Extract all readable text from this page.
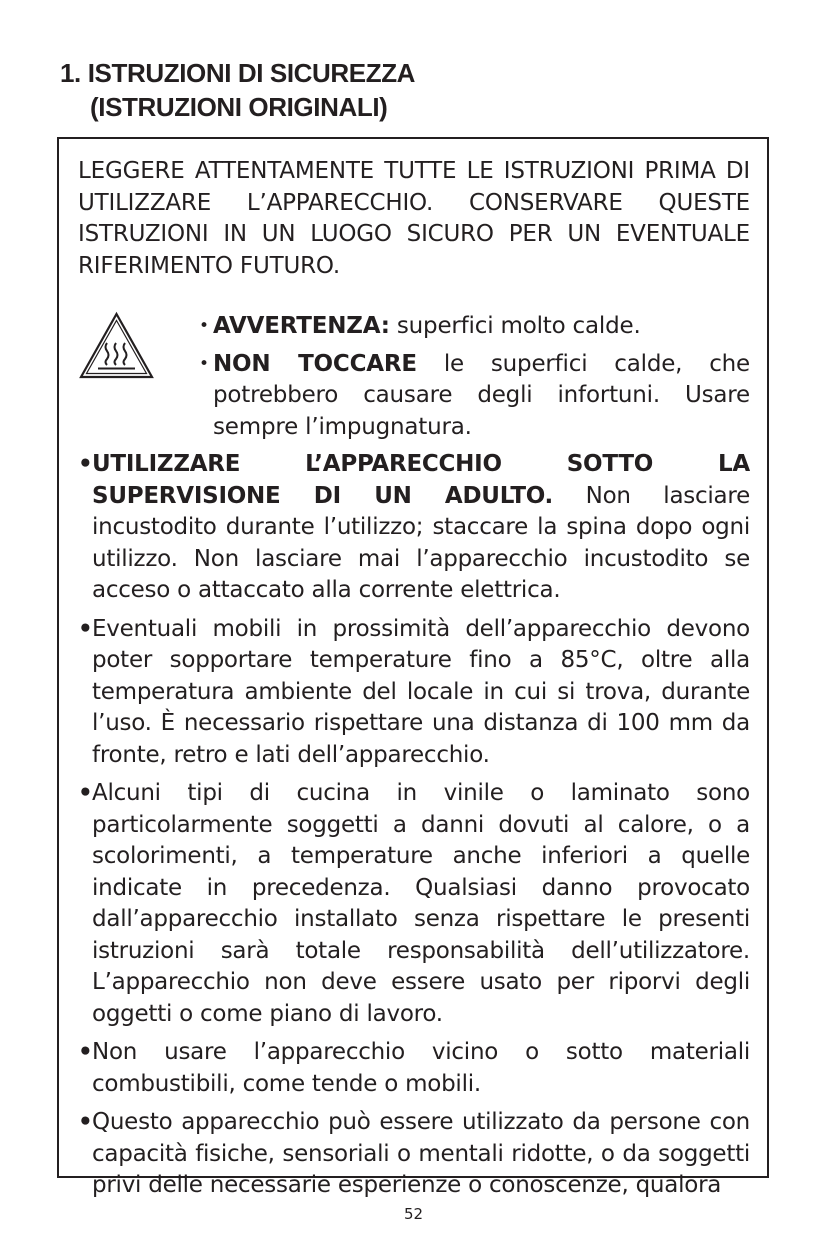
1. ISTRUZIONI DI SICUREZZA
(ISTRUZIONI ORIGINALI)

LEGGERE ATTENTAMENTE TUTTE LE ISTRUZIONI PRIMA DI UTILIZZARE L’APPARECCHIO. CONSERVARE QUESTE ISTRUZIONI IN UN LUOGO SICURO PER UN EVENTUALE RIFERIMENTO FUTURO.

• AVVERTENZA: superfici molto calde.
• NON TOCCARE le superfici calde, che potrebbero causare degli infortuni. Usare sempre l’impugnatura.
• UTILIZZARE L’APPARECCHIO SOTTO LA SUPERVISIONE DI UN ADULTO. Non lasciare incustodito durante l’utilizzo; staccare la spina dopo ogni utilizzo. Non lasciare mai l’apparecchio incustodito se acceso o attaccato alla corrente elettrica.
• Eventuali mobili in prossimità dell’apparecchio devono poter sopportare temperature fino a 85°C, oltre alla temperatura ambiente del locale in cui si trova, durante l’uso. È necessario rispettare una distanza di 100 mm da fronte, retro e lati dell’apparecchio.
• Alcuni tipi di cucina in vinile o laminato sono particolarmente soggetti a danni dovuti al calore, o a scolorimenti, a temperature anche inferiori a quelle indicate in precedenza. Qualsiasi danno provocato dall’apparecchio installato senza rispettare le presenti istruzioni sarà totale responsabilità dell’utilizzatore. L’apparecchio non deve essere usato per riporvi degli oggetti o come piano di lavoro.
• Non usare l’apparecchio vicino o sotto materiali combustibili, come tende o mobili.
• Questo apparecchio può essere utilizzato da persone con capacità fisiche, sensoriali o mentali ridotte, o da soggetti privi delle necessarie esperienze o conoscenze, qualora
52
